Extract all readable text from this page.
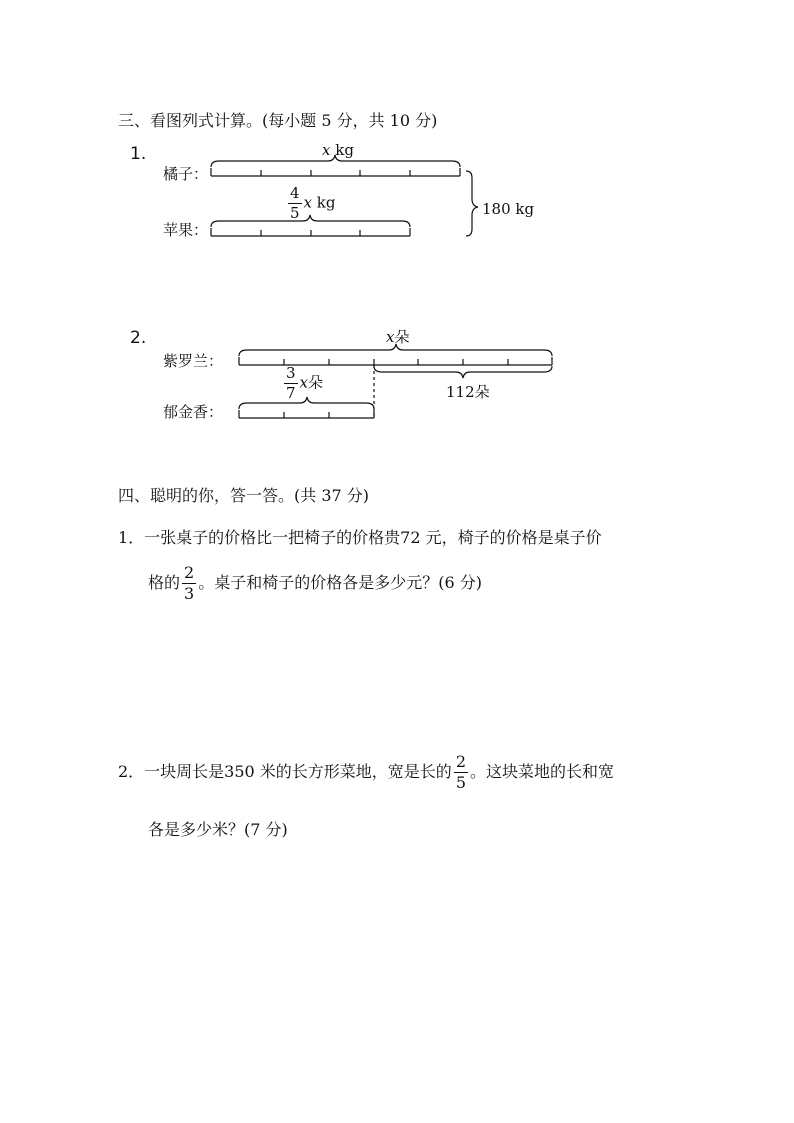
三、看图列式计算。(每小题 5 分，共 10 分)
1.
橘子：
苹果：
x kg
$\frac{4}{5}$ x kg	180 kg
2.
紫罗兰：
郁金香：
x朵
112朵
$\frac{3}{7}$ x朵
四、聪明的你，答一答。(共 37 分)
1．一张桌子的价格比一把椅子的价格贵72 元，椅子的价格是桌子价
格的 $\frac{2}{3}$ 。桌子和椅子的价格各是多少元？(6 分)
2．一块周长是350 米的长方形菜地，宽是长的 $\frac{2}{5}$ 。这块菜地的长和宽
各是多少米？(7 分)
